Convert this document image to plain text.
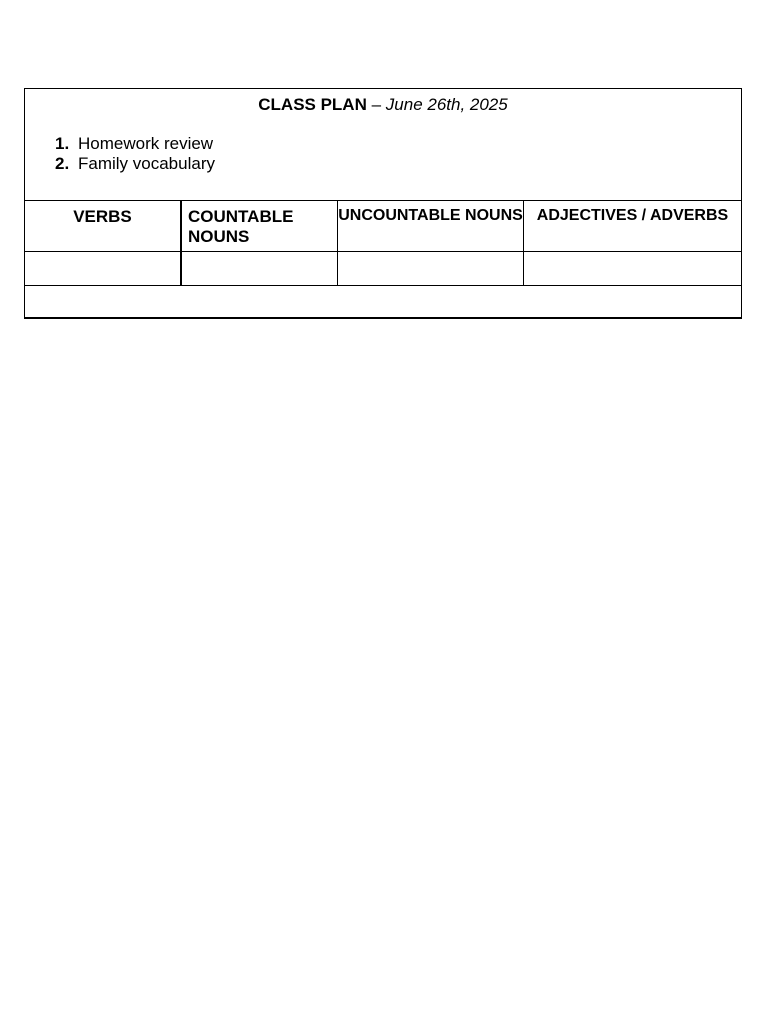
CLASS PLAN – June 26th, 2025
1. Homework review
2. Family vocabulary
VERBS	COUNTABLE NOUNS
UNCOUNTABLE NOUNS ADJECTIVES / ADVERBS
